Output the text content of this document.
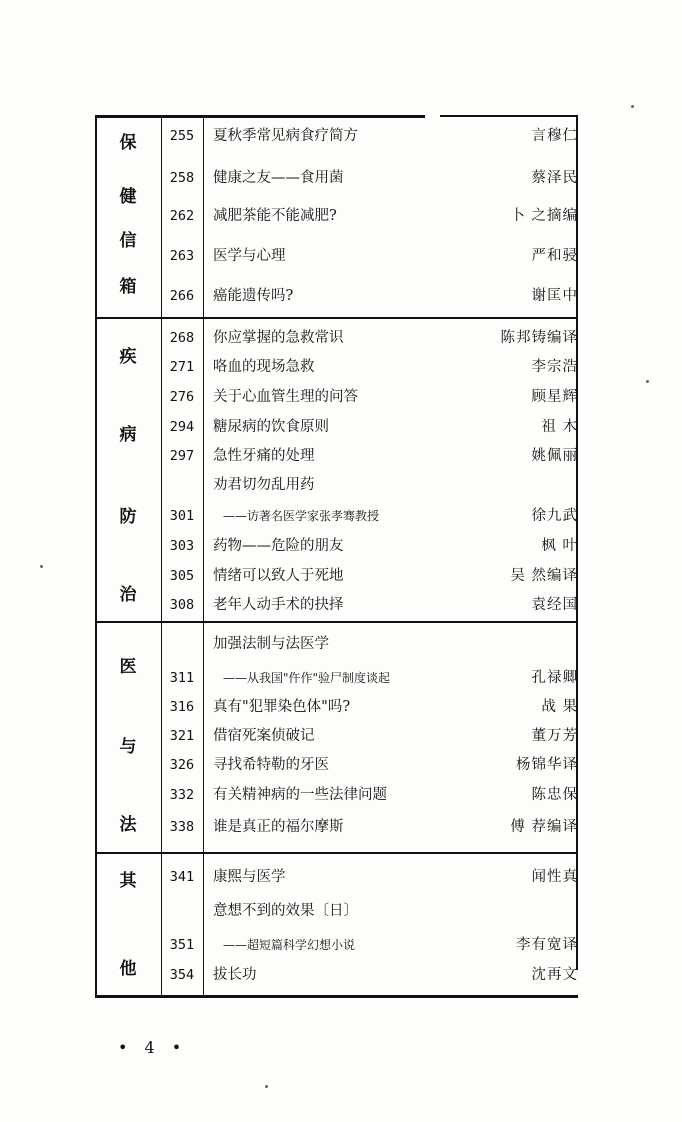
保
健
信
箱
255	夏秋季常见病食疗简方	言穆仁
258	健康之友——食用菌	蔡泽民
262	减肥茶能不能减肥?	卜 之摘编
263	医学与心理	严和骎
266	癌能遗传吗?	谢匡中
疾
病
防
治
268	你应掌握的急救常识	陈邦铸编译
271	咯血的现场急救	李宗浩
276	关于心血管生理的问答	顾星辉
294	糖尿病的饮食原则	祖 木
297	急性牙痛的处理	姚佩丽
劝君切勿乱用药
301	——访著名医学家张孝骞教授	徐九武
303	药物——危险的朋友	枫 叶
305	情绪可以致人于死地	吴 然编译
308	老年人动手术的抉择	袁经国
医
与
法
加强法制与法医学
311	——从我国"仵作"验尸制度谈起	孔禄卿
316	真有"犯罪染色体"吗?	战 果
321	借宿死案侦破记	董万芳
326	寻找希特勒的牙医	杨锦华译
332	有关精神病的一些法律问题	陈忠保
338	谁是真正的福尔摩斯	傅 荐编译
其
他
341	康熙与医学	闻性真
意想不到的效果〔日〕
351	——超短篇科学幻想小说	李有宽译
354	拔长功	沈再文
• 4 •
